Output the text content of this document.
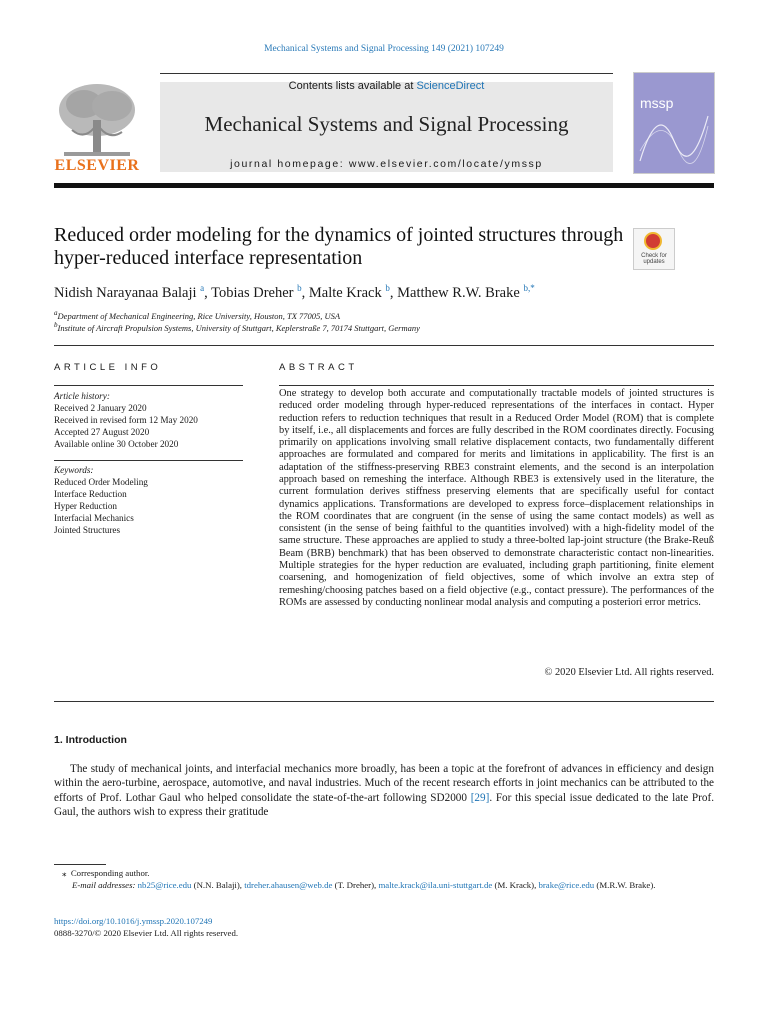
Mechanical Systems and Signal Processing 149 (2021) 107249
Contents lists available at ScienceDirect
Mechanical Systems and Signal Processing
journal homepage: www.elsevier.com/locate/ymssp
ELSEVIER
mssp
Reduced order modeling for the dynamics of jointed structures through hyper-reduced interface representation	Check for
updates
Nidish Narayanaa Balaji $^a$, Tobias Dreher $^b$, Malte Krack $^b$, Matthew R.W. Brake $^{b,*}$
$^a$Department of Mechanical Engineering, Rice University, Houston, TX 77005, USA
$^b$Institute of Aircraft Propulsion Systems, University of Stuttgart, Keplerstraße 7, 70174 Stuttgart, Germany
ARTICLE INFO
Article history:
Received 2 January 2020
Received in revised form 12 May 2020
Accepted 27 August 2020
Available online 30 October 2020
Keywords:
Reduced Order Modeling
Interface Reduction
Hyper Reduction
Interfacial Mechanics
Jointed Structures
ABSTRACT
One strategy to develop both accurate and computationally tractable models of jointed structures is reduced order modeling through hyper-reduced representations of the interfaces in contact. Hyper reduction refers to reduction techniques that result in a Reduced Order Model (ROM) that is complete by itself, i.e., all displacements and forces are fully described in the ROM coordinates directly. Focusing primarily on applications involving small relative displacement contacts, two fundamentally different approaches are formulated and compared for merits and limitations in applicability. The first is an adaptation of the stiffness-preserving RBE3 constraint elements, and the second is an interpolation approach based on remeshing the interface. Although RBE3 is extensively used in the literature, the current formulation derives stiffness preserving elements that are specifically useful for contact dynamics applications. Transformations are developed to express force–displacement relationships in the ROM coordinates that are congruent (in the sense of using the same contact models) as well as consistent (in the sense of being faithful to the quantities involved) with a high-fidelity model of the same structure. These approaches are applied to study a three-bolted lap-joint structure (the Brake-Reuß Beam (BRB) benchmark) that has been observed to demonstrate characteristic contact non-linearities. Multiple strategies for the hyper reduction are evaluated, including graph partitioning, finite element coarsening, and homogenization of field objectives, some of which involve an extra step of remeshing/choosing patches based on a field objective (e.g., contact pressure). The performances of the ROMs are assessed by conducting nonlinear modal analysis and computing a posteriori error metrics.
© 2020 Elsevier Ltd. All rights reserved.
1. Introduction
The study of mechanical joints, and interfacial mechanics more broadly, has been a topic at the forefront of advances in efficiency and design within the aero-turbine, aerospace, automotive, and naval industries. Much of the recent research efforts in joint mechanics can be attributed to the efforts of Prof. Lothar Gaul who helped consolidate the state-of-the-art following SD2000 [29]. For this special issue dedicated to the late Prof. Gaul, the authors wish to express their gratitude
⁎ Corresponding author.
E-mail addresses: nb25@rice.edu (N.N. Balaji), tdreher.ahausen@web.de (T. Dreher), malte.krack@ila.uni-stuttgart.de (M. Krack), brake@rice.edu (M.R.W. Brake).
https://doi.org/10.1016/j.ymssp.2020.107249
0888-3270/© 2020 Elsevier Ltd. All rights reserved.
